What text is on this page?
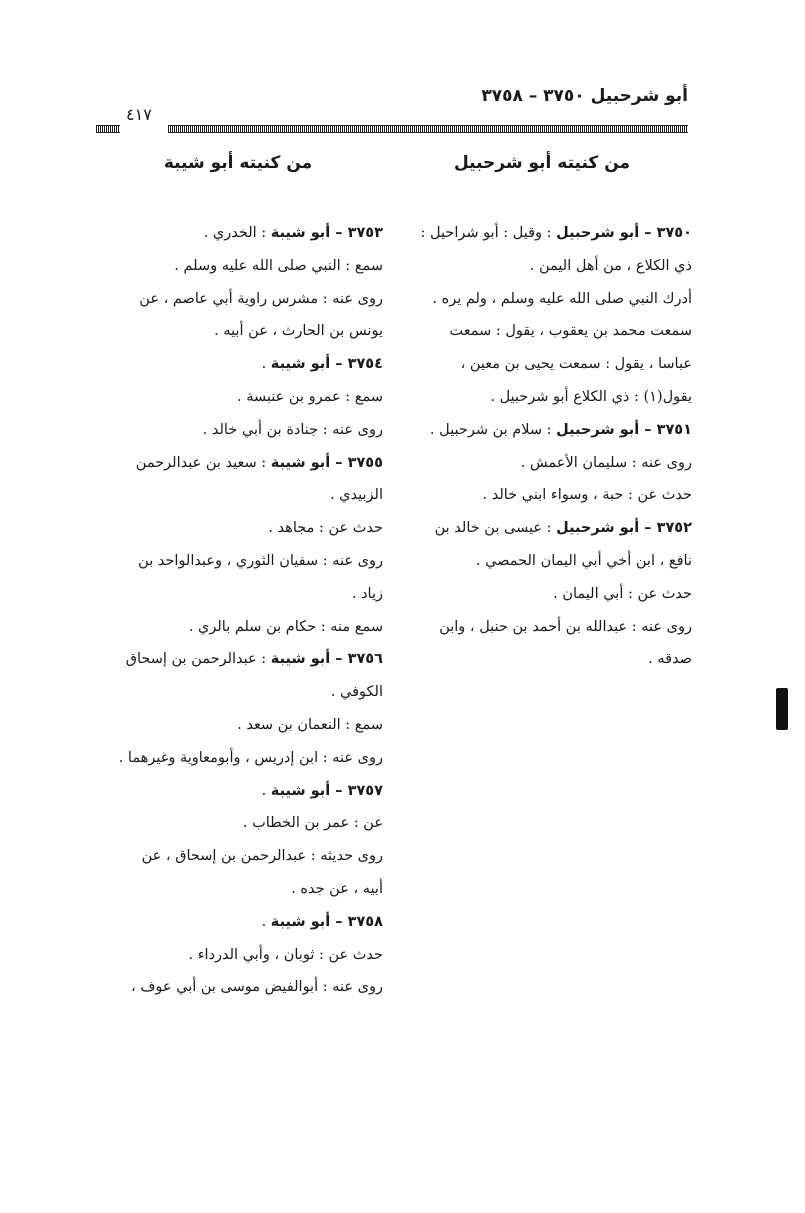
أبو شرحبيل ٣٧٥٠ – ٣٧٥٨
٤١٧
من كنيته أبو شرحبيل
٣٧٥٠ – أبو شرحبيل : وقيل : أبو شراحيل :
ذي الكلاع ، من أهل اليمن .
أدرك النبي صلى الله عليه وسلم ، ولم يره .
سمعت محمد بن يعقوب ، يقول : سمعت
عباسا ، يقول : سمعت يحيى بن معين ،
يقول(١) : ذي الكلاع أبو شرحبيل .
٣٧٥١ – أبو شرحبيل : سلام بن شرحبيل .
روى عنه : سليمان الأعمش .
حدث عن : حبة ، وسواء ابني خالد .
٣٧٥٢ – أبو شرحبيل : عيسى بن خالد بن
نافع ، ابن أخي أبي اليمان الحمصي .
حدث عن : أبي اليمان .
روى عنه : عبدالله بن أحمد بن حنبل ، وابن
صدقه .
من كنيته أبو شيبة
٣٧٥٣ – أبو شيبة : الخدري .
سمع : النبي صلى الله عليه وسلم .
روى عنه : مشرس راوية أبي عاصم ، عن
يونس بن الحارث ، عن أبيه .
٣٧٥٤ – أبو شيبة .
سمع : عمرو بن عنبسة .
روى عنه : جنادة بن أبي خالد .
٣٧٥٥ – أبو شيبة : سعيد بن عبدالرحمن
الزبيدي .
حدث عن : مجاهد .
روى عنه : سفيان الثوري ، وعبدالواحد بن
زياد .
سمع منه : حكام بن سلم بالري .
٣٧٥٦ – أبو شيبة : عبدالرحمن بن إسحاق
الكوفي .
سمع : النعمان بن سعد .
روى عنه : ابن إدريس ، وأبومعاوية وغيرهما .
٣٧٥٧ – أبو شيبة .
عن : عمر بن الخطاب .
روى حديثه : عبدالرحمن بن إسحاق ، عن
أبيه ، عن جده .
٣٧٥٨ – أبو شيبة .
حدث عن : ثوبان ، وأبي الدرداء .
روى عنه : أبوالفيض موسى بن أبي عوف ،
